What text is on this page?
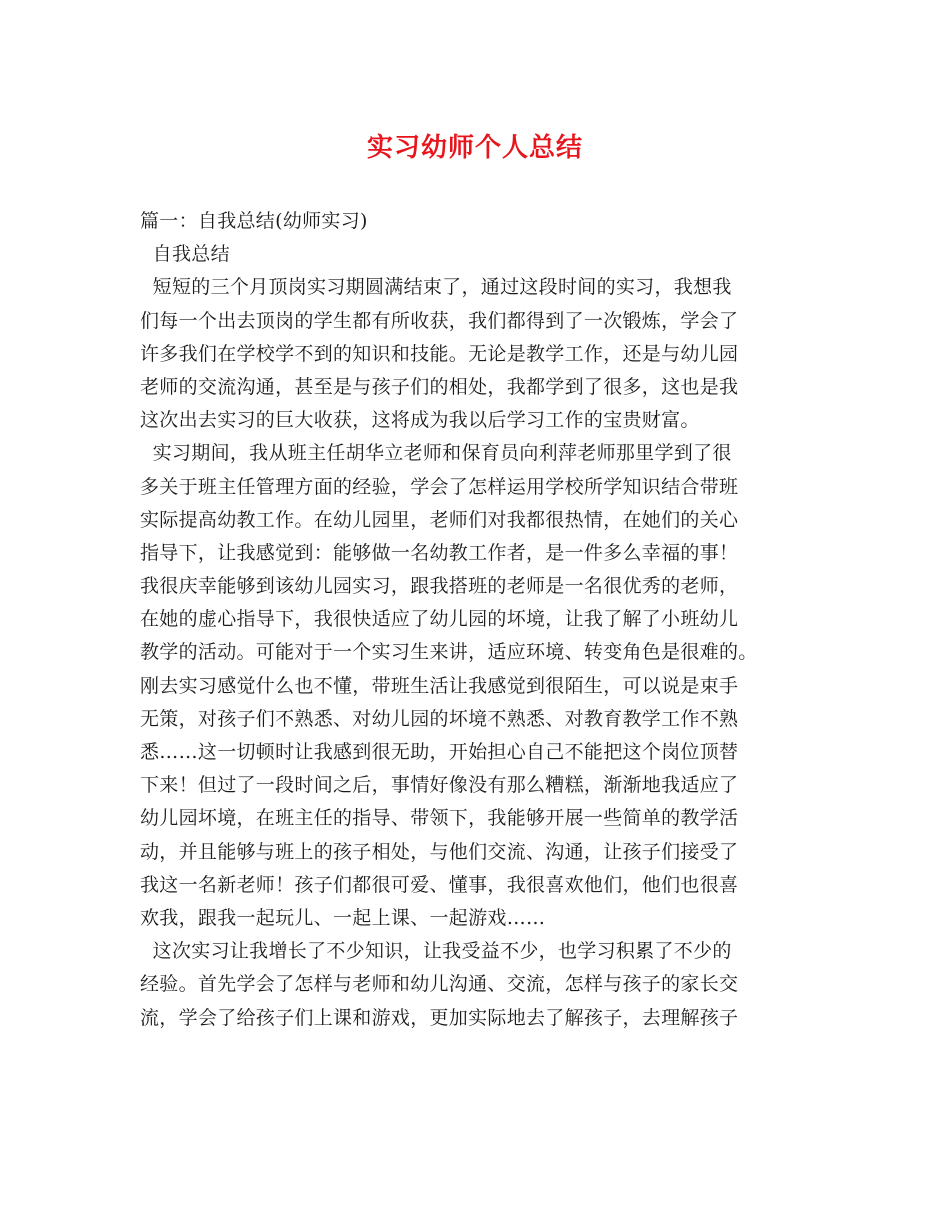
实习幼师个人总结
篇一：自我总结(幼师实习)
自我总结
短短的三个月顶岗实习期圆满结束了，通过这段时间的实习，我想我
们每一个出去顶岗的学生都有所收获，我们都得到了一次锻炼，学会了
许多我们在学校学不到的知识和技能。无论是教学工作，还是与幼儿园
老师的交流沟通，甚至是与孩子们的相处，我都学到了很多，这也是我
这次出去实习的巨大收获，这将成为我以后学习工作的宝贵财富。
实习期间，我从班主任胡华立老师和保育员向利萍老师那里学到了很
多关于班主任管理方面的经验，学会了怎样运用学校所学知识结合带班
实际提高幼教工作。在幼儿园里，老师们对我都很热情，在她们的关心
指导下，让我感觉到：能够做一名幼教工作者，是一件多么幸福的事！
我很庆幸能够到该幼儿园实习，跟我搭班的老师是一名很优秀的老师，
在她的虚心指导下，我很快适应了幼儿园的坏境，让我了解了小班幼儿
教学的活动。可能对于一个实习生来讲，适应环境、转变角色是很难的。
刚去实习感觉什么也不懂，带班生活让我感觉到很陌生，可以说是束手
无策，对孩子们不熟悉、对幼儿园的坏境不熟悉、对教育教学工作不熟
悉……这一切顿时让我感到很无助，开始担心自己不能把这个岗位顶替
下来！但过了一段时间之后，事情好像没有那么糟糕，渐渐地我适应了
幼儿园坏境，在班主任的指导、带领下，我能够开展一些简单的教学活
动，并且能够与班上的孩子相处，与他们交流、沟通，让孩子们接受了
我这一名新老师！孩子们都很可爱、懂事，我很喜欢他们，他们也很喜
欢我，跟我一起玩儿、一起上课、一起游戏……
这次实习让我增长了不少知识，让我受益不少，也学习积累了不少的
经验。首先学会了怎样与老师和幼儿沟通、交流，怎样与孩子的家长交
流，学会了给孩子们上课和游戏，更加实际地去了解孩子，去理解孩子
